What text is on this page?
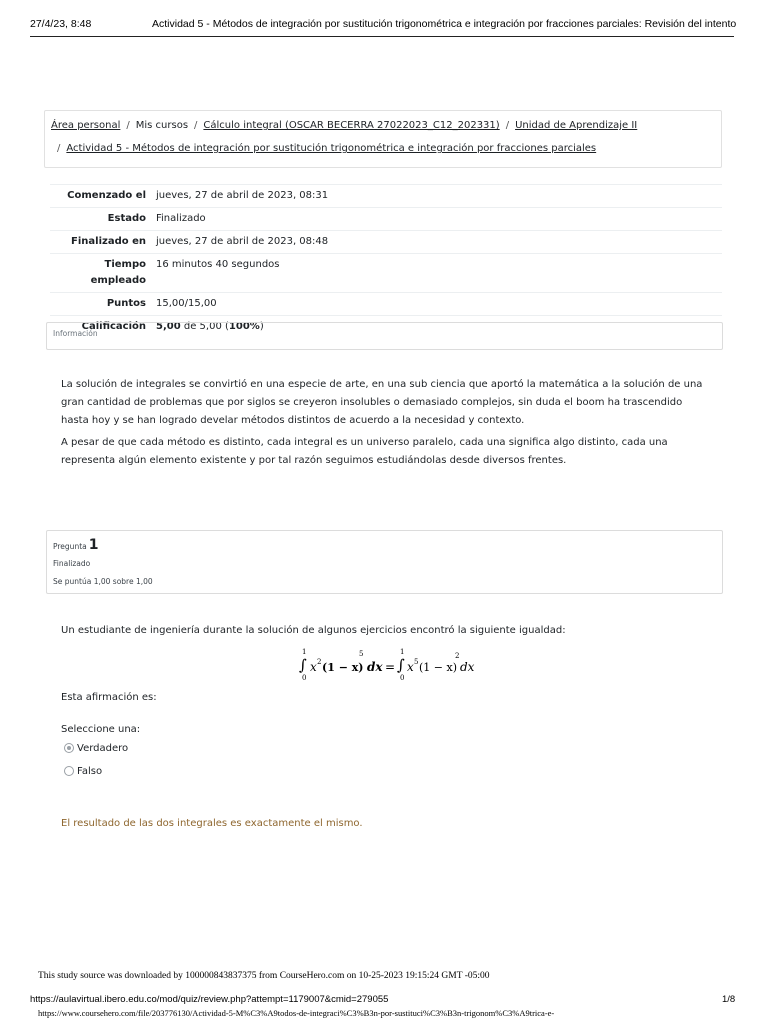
27/4/23, 8:48	Actividad 5 - Métodos de integración por sustitución trigonométrica e integración por fracciones parciales: Revisión del intento
Área personal / Mis cursos / Cálculo integral (OSCAR BECERRA 27022023_C12_202331) / Unidad de Aprendizaje II
/ Actividad 5 - Métodos de integración por sustitución trigonométrica e integración por fracciones parciales
Comenzado el	jueves, 27 de abril de 2023, 08:31
Estado	Finalizado
Finalizado en	jueves, 27 de abril de 2023, 08:48
Tiempo empleado	16 minutos 40 segundos
Puntos	15,00/15,00
Calificación	5,00 de 5,00 (100%)
Información

La solución de integrales se convirtió en una especie de arte, en una sub ciencia que aportó la matemática a la solución de una gran cantidad de problemas que por siglos se creyeron insolubles o demasiado complejos, sin duda el boom ha trascendido hasta hoy y se han logrado develar métodos distintos de acuerdo a la necesidad y contexto.

A pesar de que cada método es distinto, cada integral es un universo paralelo, cada una significa algo distinto, cada una representa algún elemento existente y por tal razón seguimos estudiándolas desde diversos frentes.

Pregunta 1
Finalizado
Se puntúa 1,00 sobre 1,00
Un estudiante de ingeniería durante la solución de algunos ejercicios encontró la siguiente igualdad:
1
∫
0
x 2 (1 − x)
5
dx =
1
∫
0
x 5 (1 − x)
2
dx
Esta afirmación es:
Seleccione una:
Verdadero
Falso
El resultado de las dos integrales es exactamente el mismo.
This study source was downloaded by 100000843837375 from CourseHero.com on 10-25-2023 19:15:24 GMT -05:00
https://aulavirtual.ibero.edu.co/mod/quiz/review.php?attempt=1179007&cmid=279055	1/8
https://www.coursehero.com/file/203776130/Actividad-5-M%C3%A9todos-de-integraci%C3%B3n-por-sustituci%C3%B3n-trigonom%C3%A9trica-e-
